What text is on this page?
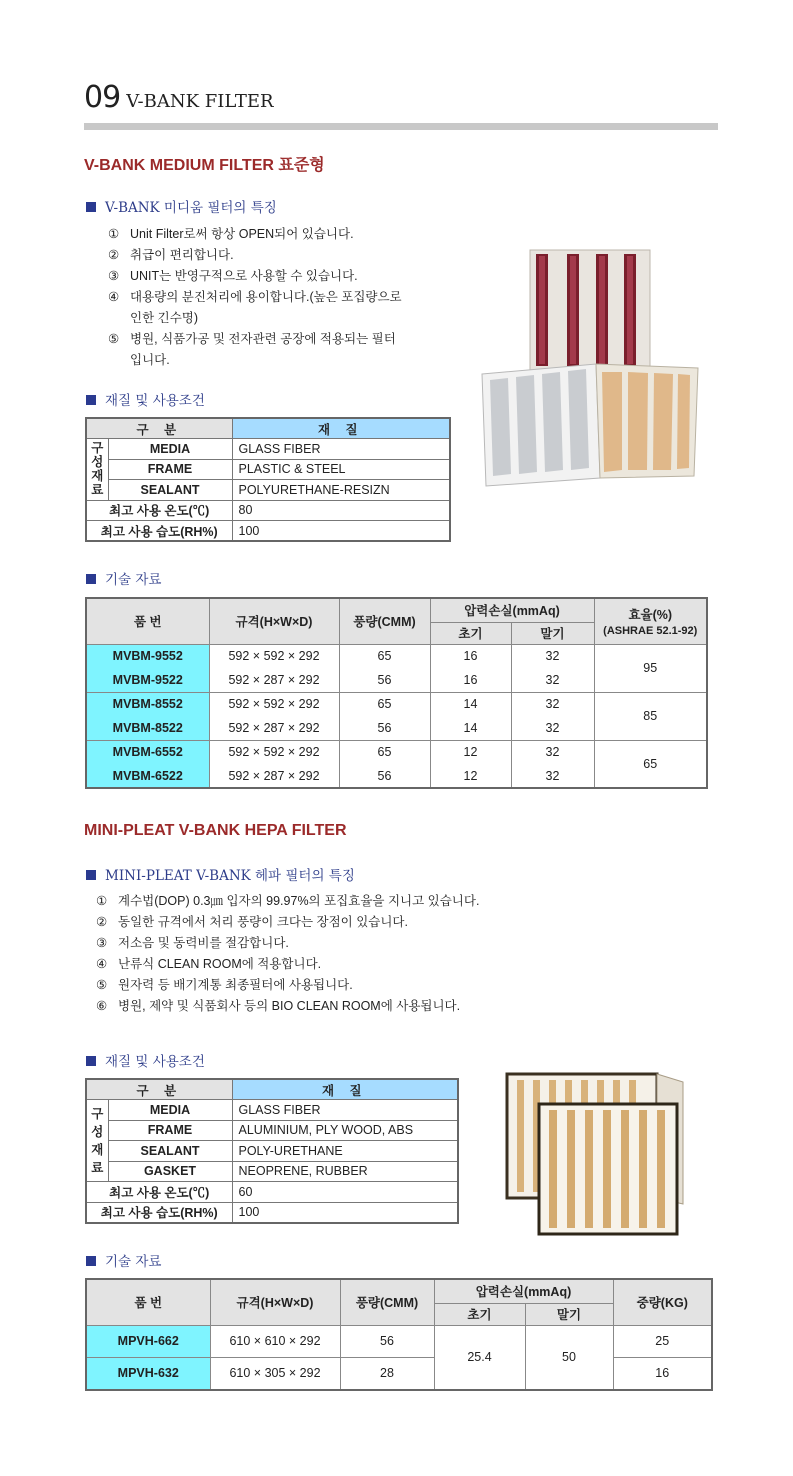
09 V-BANK FILTER
V-BANK MEDIUM FILTER 표준형
V-BANK 미디움 필터의 특징
① Unit Filter로써 항상 OPEN되어 있습니다.
② 취급이 편리합니다.
③ UNIT는 반영구적으로 사용할 수 있습니다.
④ 대용량의 분진처리에 용이합니다.(높은 포집량으로
인한 긴수명)
⑤ 병원, 식품가공 및 전자관련 공장에 적용되는 필터
입니다.
재질 및 사용조건
구 분		재 질
구
성
재
료	MEDIA	GLASS FIBER
	FRAME	PLASTIC & STEEL
	SEALANT	POLYURETHANE-RESIZN
최고 사용 온도(℃)		80
최고 사용 습도(RH%)		100
기술 자료
품 번	규격(H×W×D)	풍량(CMM)	압력손실(mmAq)		효율(%)
(ASHRAE 52.1-92)
			초기	말기	
MVBM-9552	592 × 592 × 292	65	16	32	95
MVBM-9522	592 × 287 × 292	56	16	32	
MVBM-8552	592 × 592 × 292	65	14	32	85
MVBM-8522	592 × 287 × 292	56	14	32	
MVBM-6552	592 × 592 × 292	65	12	32	65
MVBM-6522	592 × 287 × 292	56	12	32	
MINI-PLEAT V-BANK HEPA FILTER
MINI-PLEAT V-BANK 헤파 필터의 특징
① 계수법(DOP) 0.3㎛ 입자의 99.97%의 포집효율을 지니고 있습니다.
② 동일한 규격에서 처리 풍량이 크다는 장점이 있습니다.
③ 저소음 및 동력비를 절감합니다.
④ 난류식 CLEAN ROOM에 적용합니다.
⑤ 원자력 등 배기계통 최종필터에 사용됩니다.
⑥ 병원, 제약 및 식품회사 등의 BIO CLEAN ROOM에 사용됩니다.
재질 및 사용조건
구 분		재 질
구
성
재
료	MEDIA	GLASS FIBER
	FRAME	ALUMINIUM, PLY WOOD, ABS
	SEALANT	POLY-URETHANE
	GASKET	NEOPRENE, RUBBER
최고 사용 온도(℃)		60
최고 사용 습도(RH%)		100
기술 자료
품 번	규격(H×W×D)	풍량(CMM)	압력손실(mmAq)		중량(KG)
			초기	말기	
MPVH-662	610 × 610 × 292	56	25.4	50	25
MPVH-632	610 × 305 × 292	28			16
